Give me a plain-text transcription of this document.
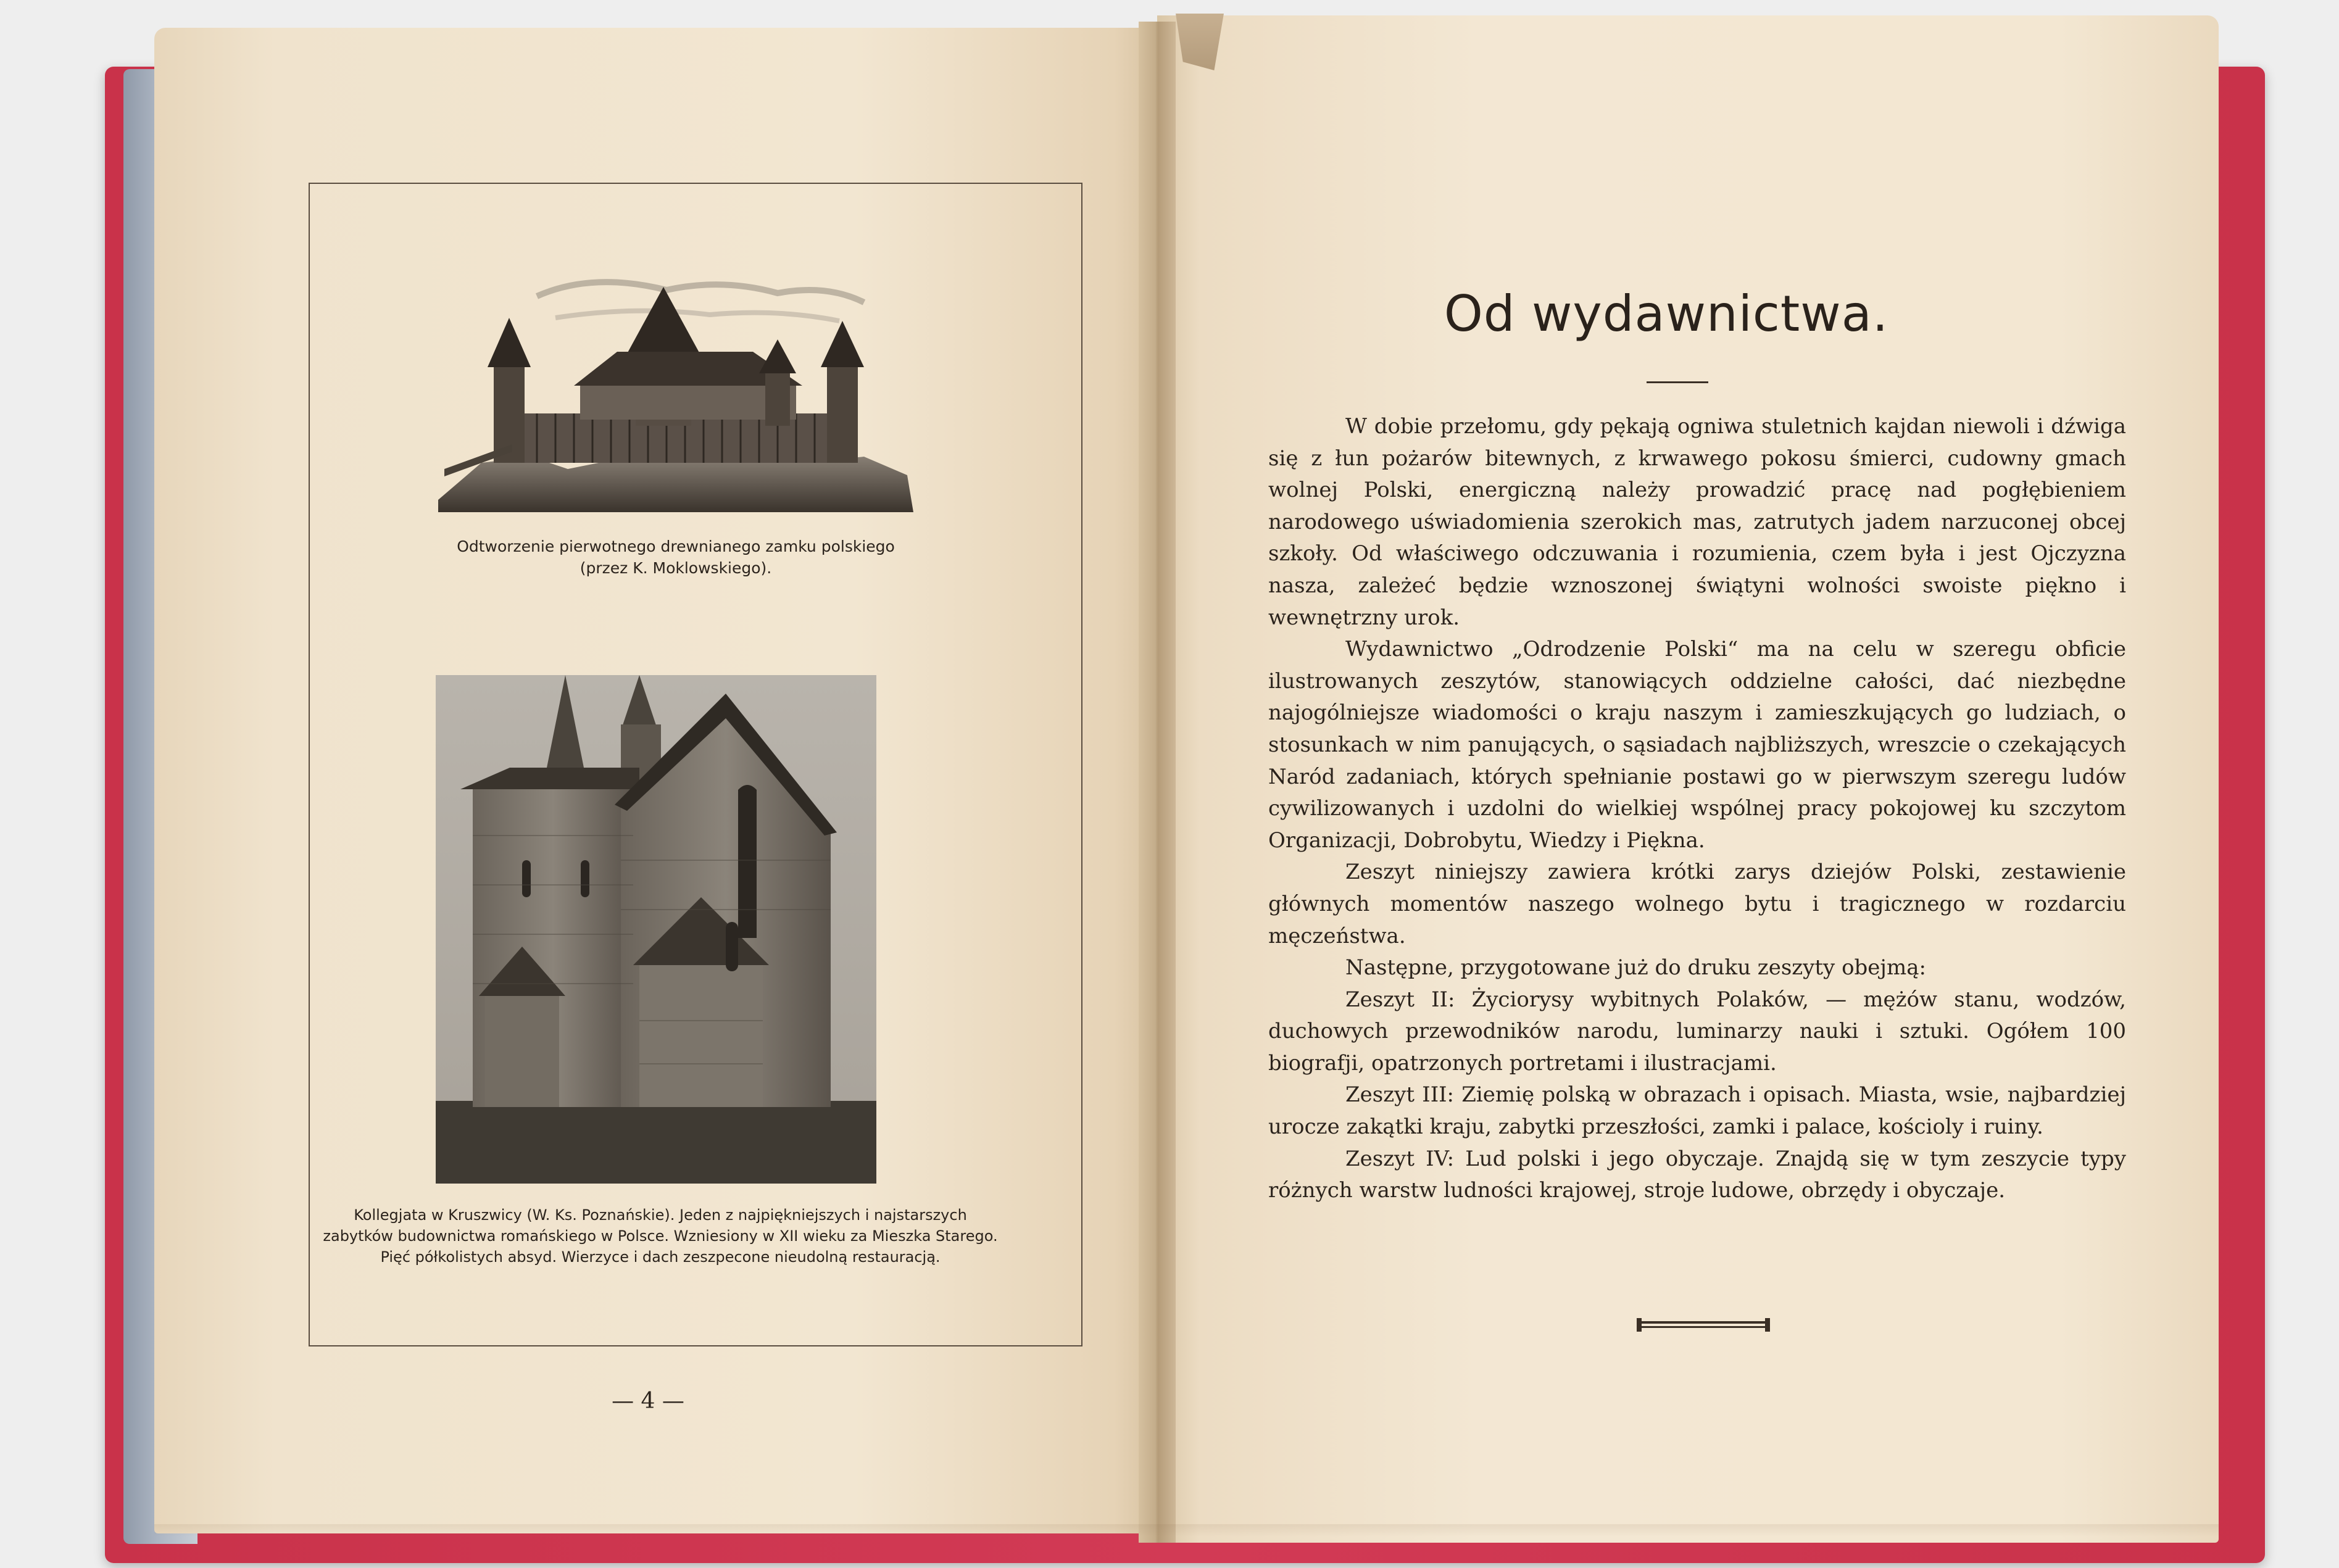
Odtworzenie pierwotnego drewnianego zamku polskiego
(przez K. Moklowskiego).
Kollegjata w Kruszwicy (W. Ks. Poznańskie). Jeden z najpiękniejszych i najstarszych
zabytków budownictwa romańskiego w Polsce. Wzniesiony w XII wieku za Mieszka Starego.
Pięć półkolistych absyd. Wierzyce i dach zeszpecone nieudolną restauracją.
— 4 —
Od wydawnictwa.

W dobie przełomu, gdy pękają ogniwa stuletnich kajdan niewoli i dźwiga się z łun pożarów bitewnych, z krwawego pokosu śmierci, cudowny gmach wolnej Polski, energiczną należy prowadzić pracę nad pogłębieniem narodowego uświadomienia szerokich mas, zatrutych jadem narzuconej obcej szkoły. Od właściwego odczuwania i rozumienia, czem była i jest Ojczyzna nasza, zależeć będzie wznoszonej świątyni wolności swoiste piękno i wewnętrzny urok.

Wydawnictwo „Odrodzenie Polski“ ma na celu w szeregu obficie ilustrowanych zeszytów, stanowiących oddzielne całości, dać niezbędne najogólniejsze wiadomości o kraju naszym i zamieszkujących go ludziach, o stosunkach w nim panujących, o sąsiadach najbliższych, wreszcie o czekających Naród zadaniach, których spełnianie postawi go w pierwszym szeregu ludów cywilizowanych i uzdolni do wielkiej wspólnej pracy pokojowej ku szczytom Organizacji, Dobrobytu, Wiedzy i Piękna.

Zeszyt niniejszy zawiera krótki zarys dziejów Polski, zestawienie głównych momentów naszego wolnego bytu i tragicznego w rozdarciu męczeństwa.

Następne, przygotowane już do druku zeszyty obejmą:

Zeszyt II: Życiorysy wybitnych Polaków, — mężów stanu, wodzów, duchowych przewodników narodu, luminarzy nauki i sztuki. Ogółem 100 biografji, opatrzonych portretami i ilustracjami.

Zeszyt III: Ziemię polską w obrazach i opisach. Miasta, wsie, najbardziej urocze zakątki kraju, zabytki przeszłości, zamki i palace, kościoly i ruiny.

Zeszyt IV: Lud polski i jego obyczaje. Znajdą się w tym zeszycie typy różnych warstw ludności krajowej, stroje ludowe, obrzędy i obyczaje.
